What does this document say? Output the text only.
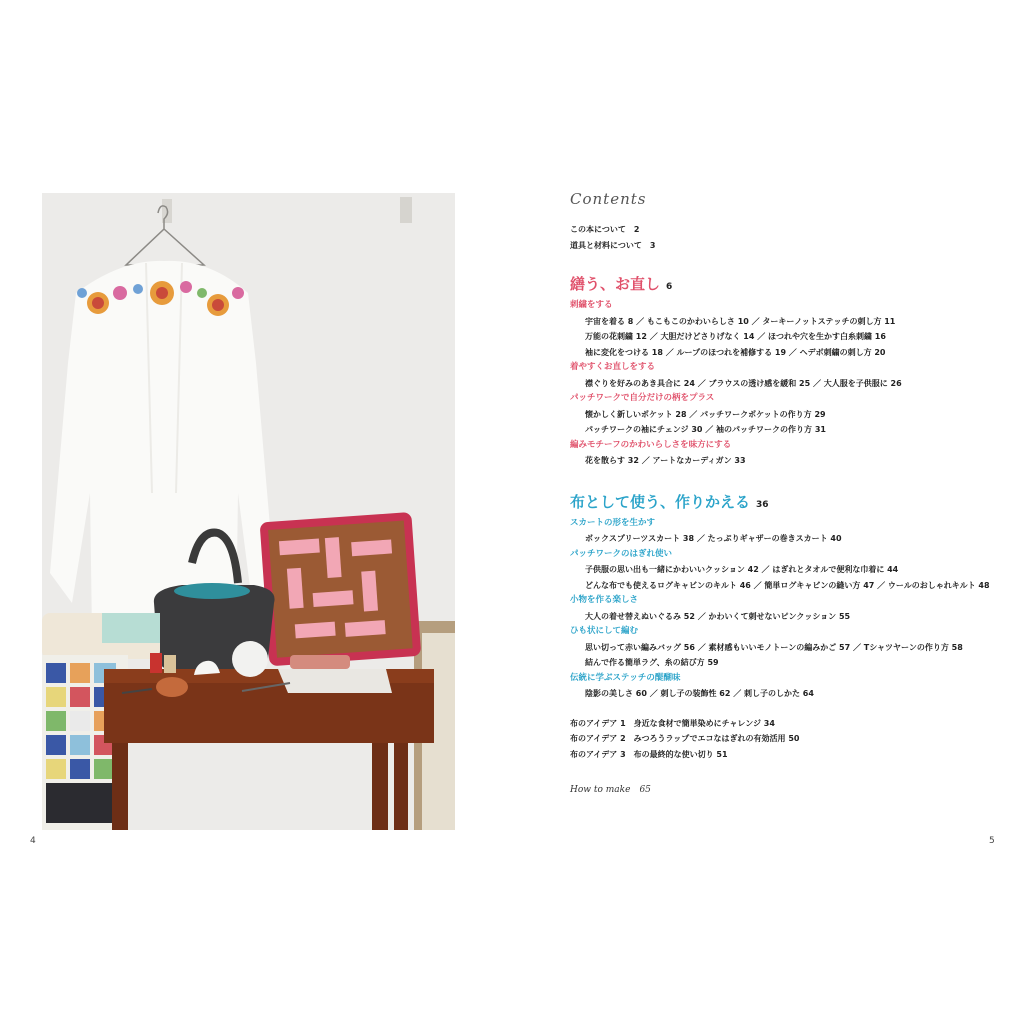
4	5
Contents
この本について　 2
道具と材料について　 3
繕う、お直し 6
刺繍をする
宇宙を着る 8 ／ もこもこのかわいらしさ 10 ／ ターキーノットステッチの刺し方 11
万能の花刺繍 12 ／ 大胆だけどさりげなく 14 ／ ほつれや穴を生かす白糸刺繍 16
袖に変化をつける 18 ／ ループのほつれを補修する 19 ／ ヘデボ刺繍の刺し方 20
着やすくお直しをする
襟ぐりを好みのあき具合に 24 ／ ブラウスの透け感を緩和 25 ／ 大人服を子供服に 26
パッチワークで自分だけの柄をプラス
懐かしく新しいポケット 28 ／ パッチワークポケットの作り方 29
パッチワークの袖にチェンジ 30 ／ 袖のパッチワークの作り方 31
編みモチーフのかわいらしさを味方にする
花を散らす 32 ／ アートなカーディガン 33
布として使う、作りかえる 36
スカートの形を生かす
ボックスプリーツスカート 38 ／ たっぷりギャザーの巻きスカート 40
パッチワークのはぎれ使い
子供服の思い出も一緒にかわいいクッション 42 ／ はぎれとタオルで便利な巾着に 44
どんな布でも使えるログキャビンのキルト 46 ／ 簡単ログキャビンの縫い方 47 ／ ウールのおしゃれキルト 48
小物を作る楽しさ
大人の着せ替えぬいぐるみ 52 ／ かわいくて刺せないピンクッション 55
ひも状にして編む
思い切って赤い編みバッグ 56 ／ 素材感もいいモノトーンの編みかご 57 ／ Tシャツヤーンの作り方 58
結んで作る簡単ラグ、糸の結び方 59
伝統に学ぶステッチの醍醐味
陰影の美しさ 60 ／ 刺し子の装飾性 62 ／ 刺し子のしかた 64
布のアイデア 1　身近な食材で簡単染めにチャレンジ 34
布のアイデア 2　みつろうラップでエコなはぎれの有効活用 50
布のアイデア 3　布の最終的な使い切り 51
How to make　 65
